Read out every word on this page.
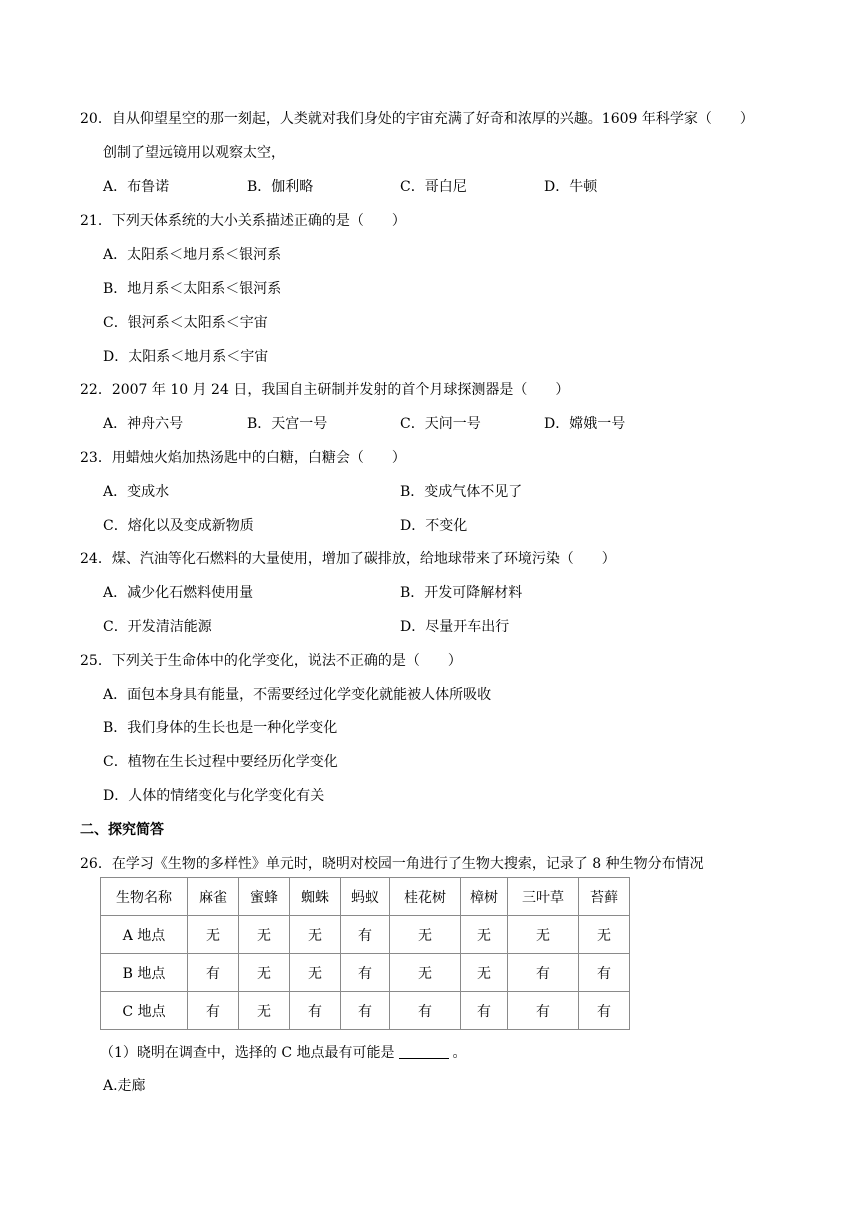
20．自从仰望星空的那一刻起，人类就对我们身处的宇宙充满了好奇和浓厚的兴趣。1609 年科学家（　　）
创制了望远镜用以观察太空，
A．布鲁诺	B．伽利略	C．哥白尼	D．牛顿
21．下列天体系统的大小关系描述正确的是（　　）
A．太阳系＜地月系＜银河系
B．地月系＜太阳系＜银河系
C．银河系＜太阳系＜宇宙
D．太阳系＜地月系＜宇宙
22．2007 年 10 月 24 日，我国自主研制并发射的首个月球探测器是（　　）
A．神舟六号	B．天宫一号	C．天问一号	D．嫦娥一号
23．用蜡烛火焰加热汤匙中的白糖，白糖会（　　）
A．变成水	B．变成气体不见了
C．熔化以及变成新物质	D．不变化
24．煤、汽油等化石燃料的大量使用，增加了碳排放，给地球带来了环境污染（　　）
A．减少化石燃料使用量	B．开发可降解材料
C．开发清洁能源	D．尽量开车出行
25．下列关于生命体中的化学变化，说法不正确的是（　　）
A．面包本身具有能量，不需要经过化学变化就能被人体所吸收
B．我们身体的生长也是一种化学变化
C．植物在生长过程中要经历化学变化
D．人体的情绪变化与化学变化有关
二、探究简答
26．在学习《生物的多样性》单元时，晓明对校园一角进行了生物大搜索，记录了 8 种生物分布情况
生物名称	麻雀	蜜蜂	蜘蛛	蚂蚁	桂花树	樟树	三叶草	苔藓
A 地点	无	无	无	有	无	无	无	无
B 地点	有	无	无	有	无	无	有	有
C 地点	有	无	有	有	有	有	有	有
（1）晓明在调查中，选择的 C 地点最有可能是	。
A.走廊
